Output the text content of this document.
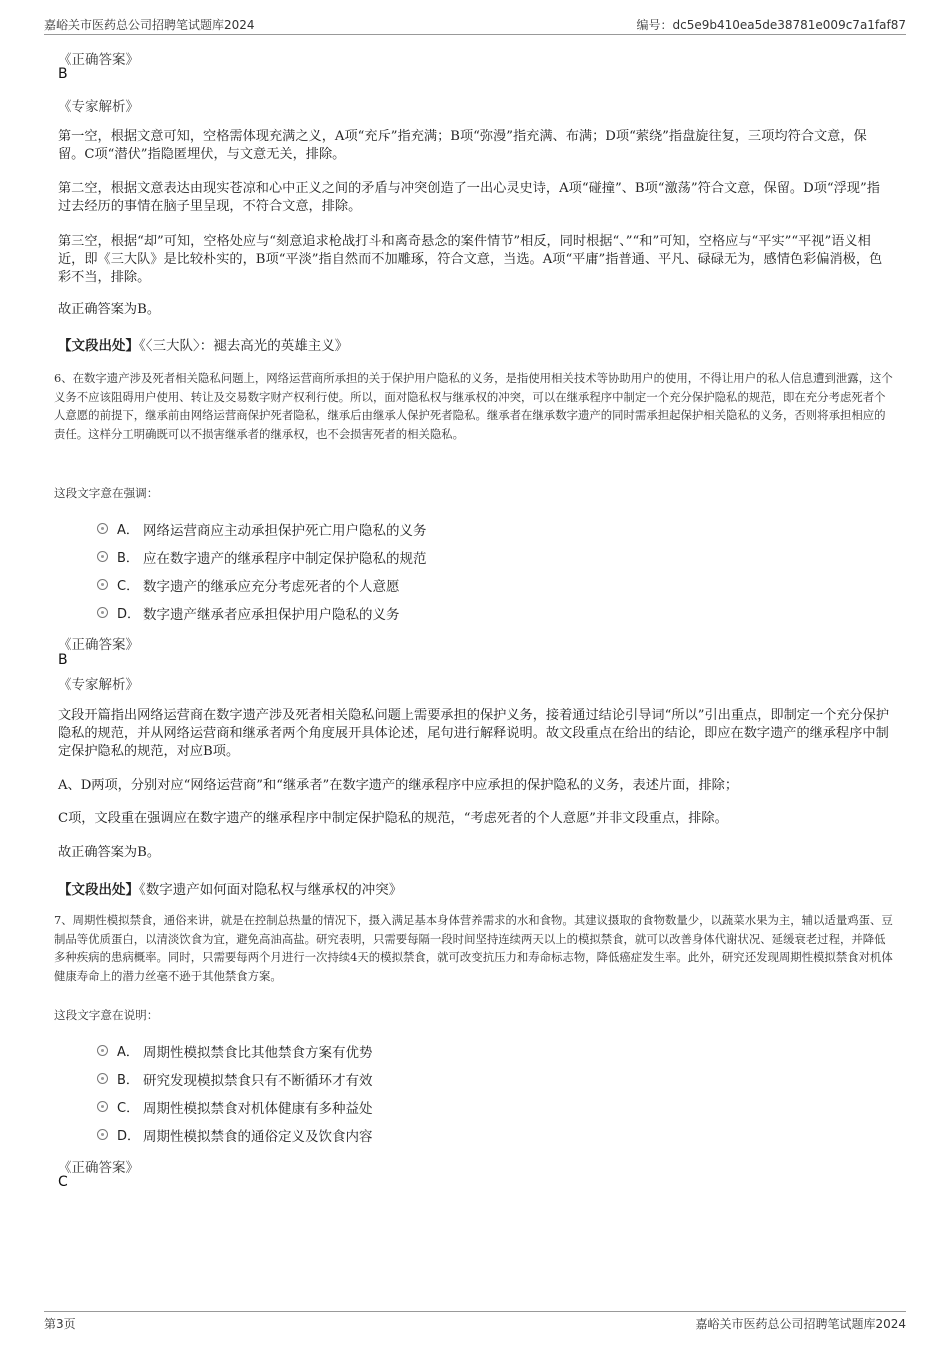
嘉峪关市医药总公司招聘笔试题库2024	编号：dc5e9b410ea5de38781e009c7a1faf87
《正确答案》
B
《专家解析》
第一空，根据文意可知，空格需体现充满之义，A项“充斥”指充满；B项“弥漫”指充满、布满；D项“萦绕”指盘旋往复，三项均符合文意，保留。C项“潜伏”指隐匿埋伏，与文意无关，排除。
第二空，根据文意表达由现实苍凉和心中正义之间的矛盾与冲突创造了一出心灵史诗，A项“碰撞”、B项“激荡”符合文意，保留。D项“浮现”指过去经历的事情在脑子里呈现，不符合文意，排除。
第三空，根据“却”可知，空格处应与“刻意追求枪战打斗和离奇悬念的案件情节”相反，同时根据“、”“和”可知，空格应与“平实”“平视”语义相近，即《三大队》是比较朴实的，B项“平淡”指自然而不加雕琢，符合文意，当选。A项“平庸”指普通、平凡、碌碌无为，感情色彩偏消极，色彩不当，排除。
故正确答案为B。
【文段出处】《〈三大队〉：褪去高光的英雄主义》
6、在数字遗产涉及死者相关隐私问题上，网络运营商所承担的关于保护用户隐私的义务，是指使用相关技术等协助用户的使用，不得让用户的私人信息遭到泄露，这个义务不应该阻碍用户使用、转让及交易数字财产权利行使。所以，面对隐私权与继承权的冲突，可以在继承程序中制定一个充分保护隐私的规范，即在充分考虑死者个人意愿的前提下，继承前由网络运营商保护死者隐私，继承后由继承人保护死者隐私。继承者在继承数字遗产的同时需承担起保护相关隐私的义务，否则将承担相应的责任。这样分工明确既可以不损害继承者的继承权，也不会损害死者的相关隐私。
这段文字意在强调：
A． 网络运营商应主动承担保护死亡用户隐私的义务
B． 应在数字遗产的继承程序中制定保护隐私的规范
C． 数字遗产的继承应充分考虑死者的个人意愿
D． 数字遗产继承者应承担保护用户隐私的义务
《正确答案》
B
《专家解析》
文段开篇指出网络运营商在数字遗产涉及死者相关隐私问题上需要承担的保护义务，接着通过结论引导词“所以”引出重点，即制定一个充分保护隐私的规范，并从网络运营商和继承者两个角度展开具体论述，尾句进行解释说明。故文段重点在给出的结论，即应在数字遗产的继承程序中制定保护隐私的规范，对应B项。
A、D两项，分别对应“网络运营商”和“继承者”在数字遗产的继承程序中应承担的保护隐私的义务，表述片面，排除；
C项，文段重在强调应在数字遗产的继承程序中制定保护隐私的规范，“考虑死者的个人意愿”并非文段重点，排除。
故正确答案为B。
【文段出处】《数字遗产如何面对隐私权与继承权的冲突》
7、周期性模拟禁食，通俗来讲，就是在控制总热量的情况下，摄入满足基本身体营养需求的水和食物。其建议摄取的食物数量少，以蔬菜水果为主，辅以适量鸡蛋、豆制品等优质蛋白，以清淡饮食为宜，避免高油高盐。研究表明，只需要每隔一段时间坚持连续两天以上的模拟禁食，就可以改善身体代谢状况、延缓衰老过程，并降低多种疾病的患病概率。同时，只需要每两个月进行一次持续4天的模拟禁食，就可改变抗压力和寿命标志物，降低癌症发生率。此外，研究还发现周期性模拟禁食对机体健康寿命上的潜力丝毫不逊于其他禁食方案。
这段文字意在说明：
A． 周期性模拟禁食比其他禁食方案有优势
B． 研究发现模拟禁食只有不断循环才有效
C． 周期性模拟禁食对机体健康有多种益处
D． 周期性模拟禁食的通俗定义及饮食内容
《正确答案》
C
第3页	嘉峪关市医药总公司招聘笔试题库2024
